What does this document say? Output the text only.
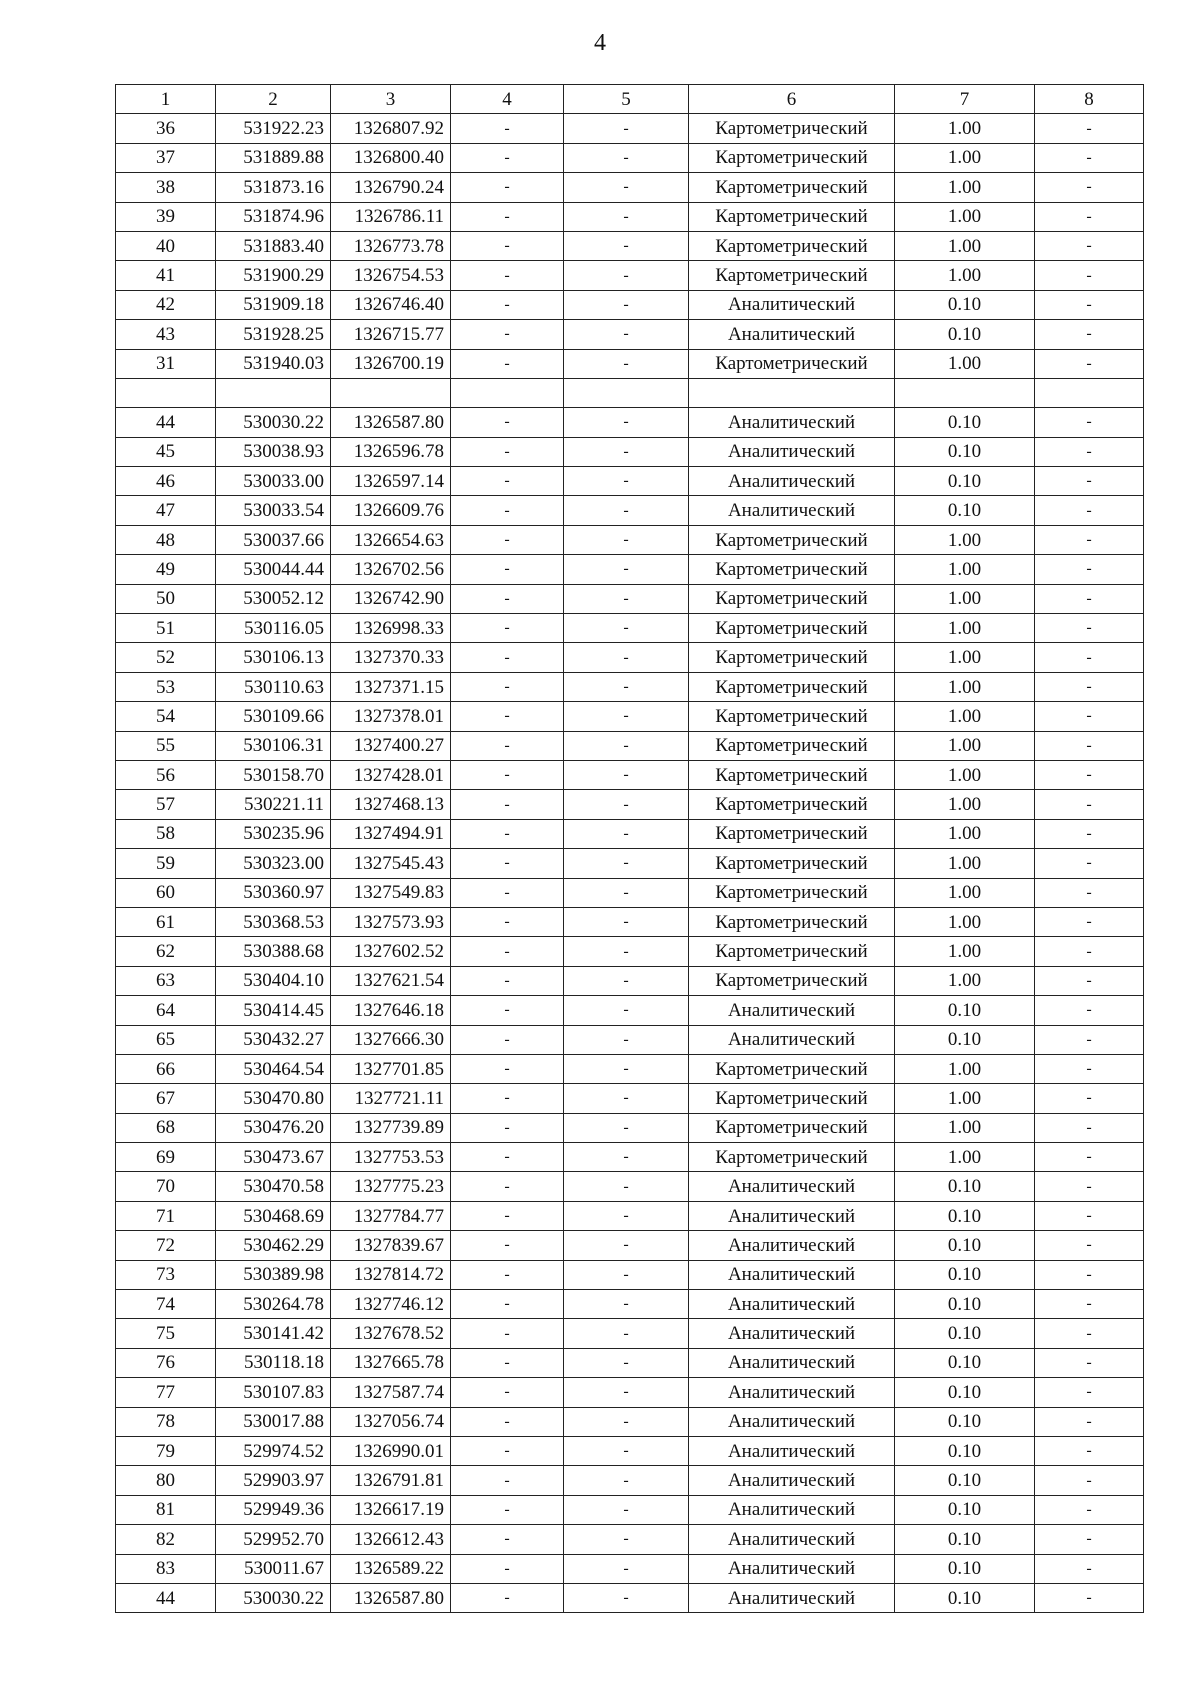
4
1	2	3	4	5	6	7	8
36	531922.23	1326807.92	-	-	Картометрический	1.00	-
37	531889.88	1326800.40	-	-	Картометрический	1.00	-
38	531873.16	1326790.24	-	-	Картометрический	1.00	-
39	531874.96	1326786.11	-	-	Картометрический	1.00	-
40	531883.40	1326773.78	-	-	Картометрический	1.00	-
41	531900.29	1326754.53	-	-	Картометрический	1.00	-
42	531909.18	1326746.40	-	-	Аналитический	0.10	-
43	531928.25	1326715.77	-	-	Аналитический	0.10	-
31	531940.03	1326700.19	-	-	Картометрический	1.00	-

44	530030.22	1326587.80	-	-	Аналитический	0.10	-
45	530038.93	1326596.78	-	-	Аналитический	0.10	-
46	530033.00	1326597.14	-	-	Аналитический	0.10	-
47	530033.54	1326609.76	-	-	Аналитический	0.10	-
48	530037.66	1326654.63	-	-	Картометрический	1.00	-
49	530044.44	1326702.56	-	-	Картометрический	1.00	-
50	530052.12	1326742.90	-	-	Картометрический	1.00	-
51	530116.05	1326998.33	-	-	Картометрический	1.00	-
52	530106.13	1327370.33	-	-	Картометрический	1.00	-
53	530110.63	1327371.15	-	-	Картометрический	1.00	-
54	530109.66	1327378.01	-	-	Картометрический	1.00	-
55	530106.31	1327400.27	-	-	Картометрический	1.00	-
56	530158.70	1327428.01	-	-	Картометрический	1.00	-
57	530221.11	1327468.13	-	-	Картометрический	1.00	-
58	530235.96	1327494.91	-	-	Картометрический	1.00	-
59	530323.00	1327545.43	-	-	Картометрический	1.00	-
60	530360.97	1327549.83	-	-	Картометрический	1.00	-
61	530368.53	1327573.93	-	-	Картометрический	1.00	-
62	530388.68	1327602.52	-	-	Картометрический	1.00	-
63	530404.10	1327621.54	-	-	Картометрический	1.00	-
64	530414.45	1327646.18	-	-	Аналитический	0.10	-
65	530432.27	1327666.30	-	-	Аналитический	0.10	-
66	530464.54	1327701.85	-	-	Картометрический	1.00	-
67	530470.80	1327721.11	-	-	Картометрический	1.00	-
68	530476.20	1327739.89	-	-	Картометрический	1.00	-
69	530473.67	1327753.53	-	-	Картометрический	1.00	-
70	530470.58	1327775.23	-	-	Аналитический	0.10	-
71	530468.69	1327784.77	-	-	Аналитический	0.10	-
72	530462.29	1327839.67	-	-	Аналитический	0.10	-
73	530389.98	1327814.72	-	-	Аналитический	0.10	-
74	530264.78	1327746.12	-	-	Аналитический	0.10	-
75	530141.42	1327678.52	-	-	Аналитический	0.10	-
76	530118.18	1327665.78	-	-	Аналитический	0.10	-
77	530107.83	1327587.74	-	-	Аналитический	0.10	-
78	530017.88	1327056.74	-	-	Аналитический	0.10	-
79	529974.52	1326990.01	-	-	Аналитический	0.10	-
80	529903.97	1326791.81	-	-	Аналитический	0.10	-
81	529949.36	1326617.19	-	-	Аналитический	0.10	-
82	529952.70	1326612.43	-	-	Аналитический	0.10	-
83	530011.67	1326589.22	-	-	Аналитический	0.10	-
44	530030.22	1326587.80	-	-	Аналитический	0.10	-
